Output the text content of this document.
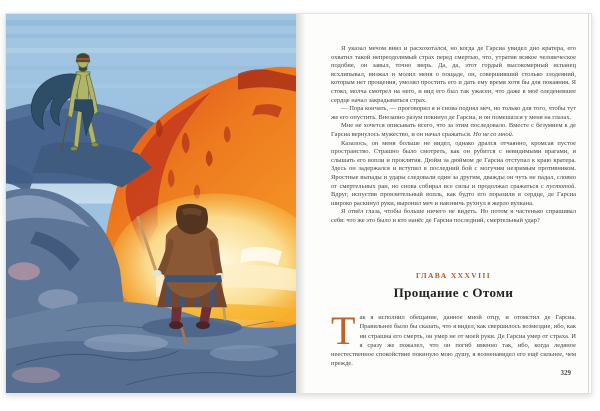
Я указал мечом вниз и расхохотался, но когда де Гарсиа увидел дно кратера, его охватил такой непреодолимый страх перед смертью, что, утратив всякое человеческое подобие, он завыл, точно зверь. Да, да, этот гордый высокомерный испанец всхлипывал, визжал и молил меня о пощаде, он, совершивший столько злодеяний, которым нет прощения, умолял простить его и дать ему время хотя бы для покаяния. Я стоял, молча смотрел на него, и вид его был так ужасен, что даже в моё оледеневшее сердце начал закрадываться страх.

— Пора кончать, — проговорил я и снова поднял меч, но только для того, чтобы тут же его опустить. Внезапно разум покинул де Гарсиа, и он помешался у меня на глазах.

Мне не хочется описывать всего, что за этим последовало. Вместе с безумием к де Гарсиа вернулось мужество, и он начал сражаться. Но не со мной.

Казалось, он меня больше не видел, однако дрался отчаянно, кромсая пустое пространство. Страшно было смотреть, как он рубится с невидимыми врагами, и слышать его вопли и проклятия. Дюйм за дюймом де Гарсиа отступал к краю кратера. Здесь он задержался и вступил в последний бой с могучим незримым противником. Яростные выпады и удары следовали один за другим, дважды он чуть не падал, словно от смертельных ран, но снова собирал все силы и продолжал сражаться с пустотой. Вдруг, испустив пронзительный вопль, как будто его поразили в сердце, де Гарсиа широко раскинул руки, выронил меч и навзничь рухнул в жерло вулкана.

Я отвёл глаза, чтобы больше ничего не видеть. Но потом я частенько спрашивал себя: что же это было и кто нанёс де Гарсиа последний, смертельный удар?

ГЛАВА XXXVIII
Прощание с Отоми
Так я исполнил обещание, данное мной отцу, и отомстил де Гарсиа. Правильнее было бы сказать, что я видел, как свершилось возмездие, ибо, как ни страшна его смерть, он умер не от моей руки. Де Гарсиа умер от страха. И я сразу же пожалел, что он погиб именно так, ибо, когда ледяное неестественное спокойствие покинуло мою душу, я возненавидел его ещё сильнее, чем прежде.
329
